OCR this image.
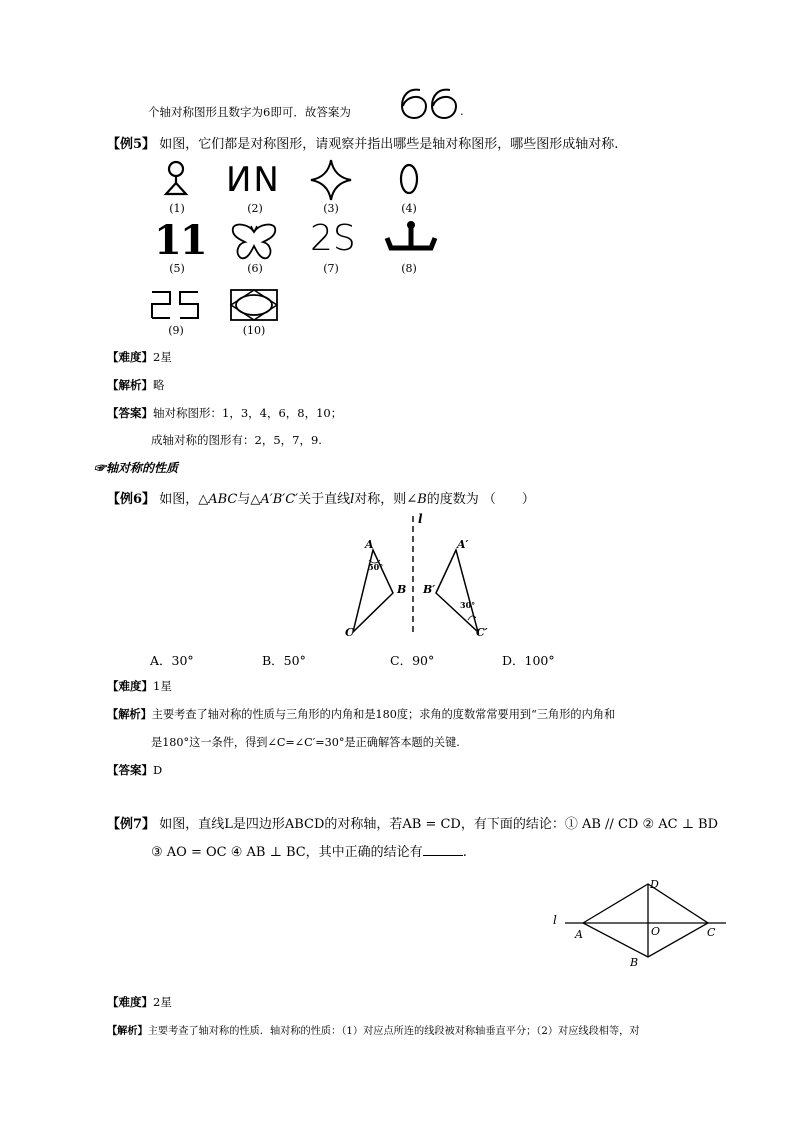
个轴对称图形且数字为6即可．故答案为	.
【例5】 如图，它们都是对称图形，请观察并指出哪些是轴对称图形，哪些图形成轴对称.
(1)
ИN
(2)	(3)	(4)
11
(5)	(6)
2S
(7)	(8)
(9)	(10)
【难度】2星
【解析】略
【答案】轴对称图形：1，3，4，6，8，10；
成轴对称的图形有：2，5，7，9.
☞轴对称的性质
【例6】 如图，△ABC与△A′B′C′关于直线l对称，则∠B的度数为 （　　）
l
A
50°
B
C
A′
B′
30°
C′
A．30°	B．50°	C．90°	D．100°
【难度】1星
【解析】主要考查了轴对称的性质与三角形的内角和是180度；求角的度数常常要用到“三角形的内角和
是180°这一条件，得到∠C=∠C′=30°是正确解答本题的关键.
【答案】D
【例7】 如图，直线L是四边形ABCD的对称轴，若AB = CD，有下面的结论：① AB // CD ② AC ⊥ BD
③ AO = OC ④ AB ⊥ BC，其中正确的结论有	.
l
A
D
O	C
B
【难度】2星
【解析】主要考查了轴对称的性质．轴对称的性质：（1）对应点所连的线段被对称轴垂直平分；（2）对应线段相等，对
